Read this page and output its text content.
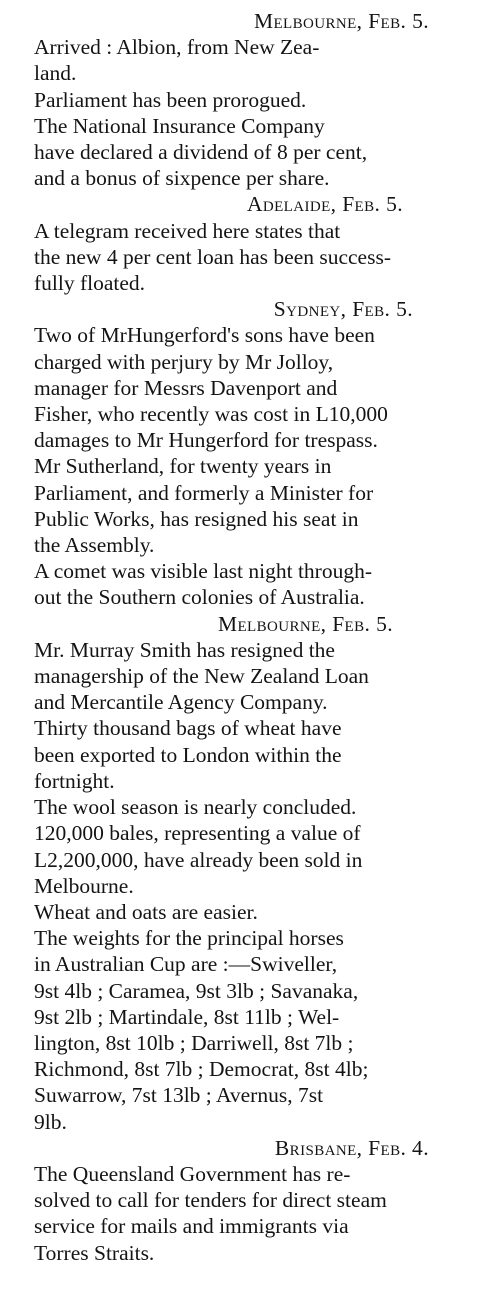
Melbourne, Feb. 5.

Arrived : Albion, from New Zea-
land.

Parliament has been prorogued.

The National Insurance Company
have declared a dividend of 8 per cent,
and a bonus of sixpence per share.

Adelaide, Feb. 5.

A telegram received here states that
the new 4 per cent loan has been success-
fully floated.

Sydney, Feb. 5.

Two of MrHungerford's sons have been
charged with perjury by Mr Jolloy,
manager for Messrs Davenport and
Fisher, who recently was cost in L10,000
damages to Mr Hungerford for trespass.

Mr Sutherland, for twenty years in
Parliament, and formerly a Minister for
Public Works, has resigned his seat in
the Assembly.

A comet was visible last night through-
out the Southern colonies of Australia.

Melbourne, Feb. 5.

Mr. Murray Smith has resigned the
managership of the New Zealand Loan
and Mercantile Agency Company.

Thirty thousand bags of wheat have
been exported to London within the
fortnight.

The wool season is nearly concluded.
120,000 bales, representing a value of
L2,200,000, have already been sold in
Melbourne.

Wheat and oats are easier.

The weights for the principal horses
in Australian Cup are :—Swiveller,
9st 4lb ; Caramea, 9st 3lb ; Savanaka,
9st 2lb ; Martindale, 8st 11lb ; Wel-
lington, 8st 10lb ; Darriwell, 8st 7lb ;
Richmond, 8st 7lb ; Democrat, 8st 4lb;
Suwarrow, 7st 13lb ; Avernus, 7st
9lb.

Brisbane, Feb. 4.

The Queensland Government has re-
solved to call for tenders for direct steam
service for mails and immigrants via
Torres Straits.
